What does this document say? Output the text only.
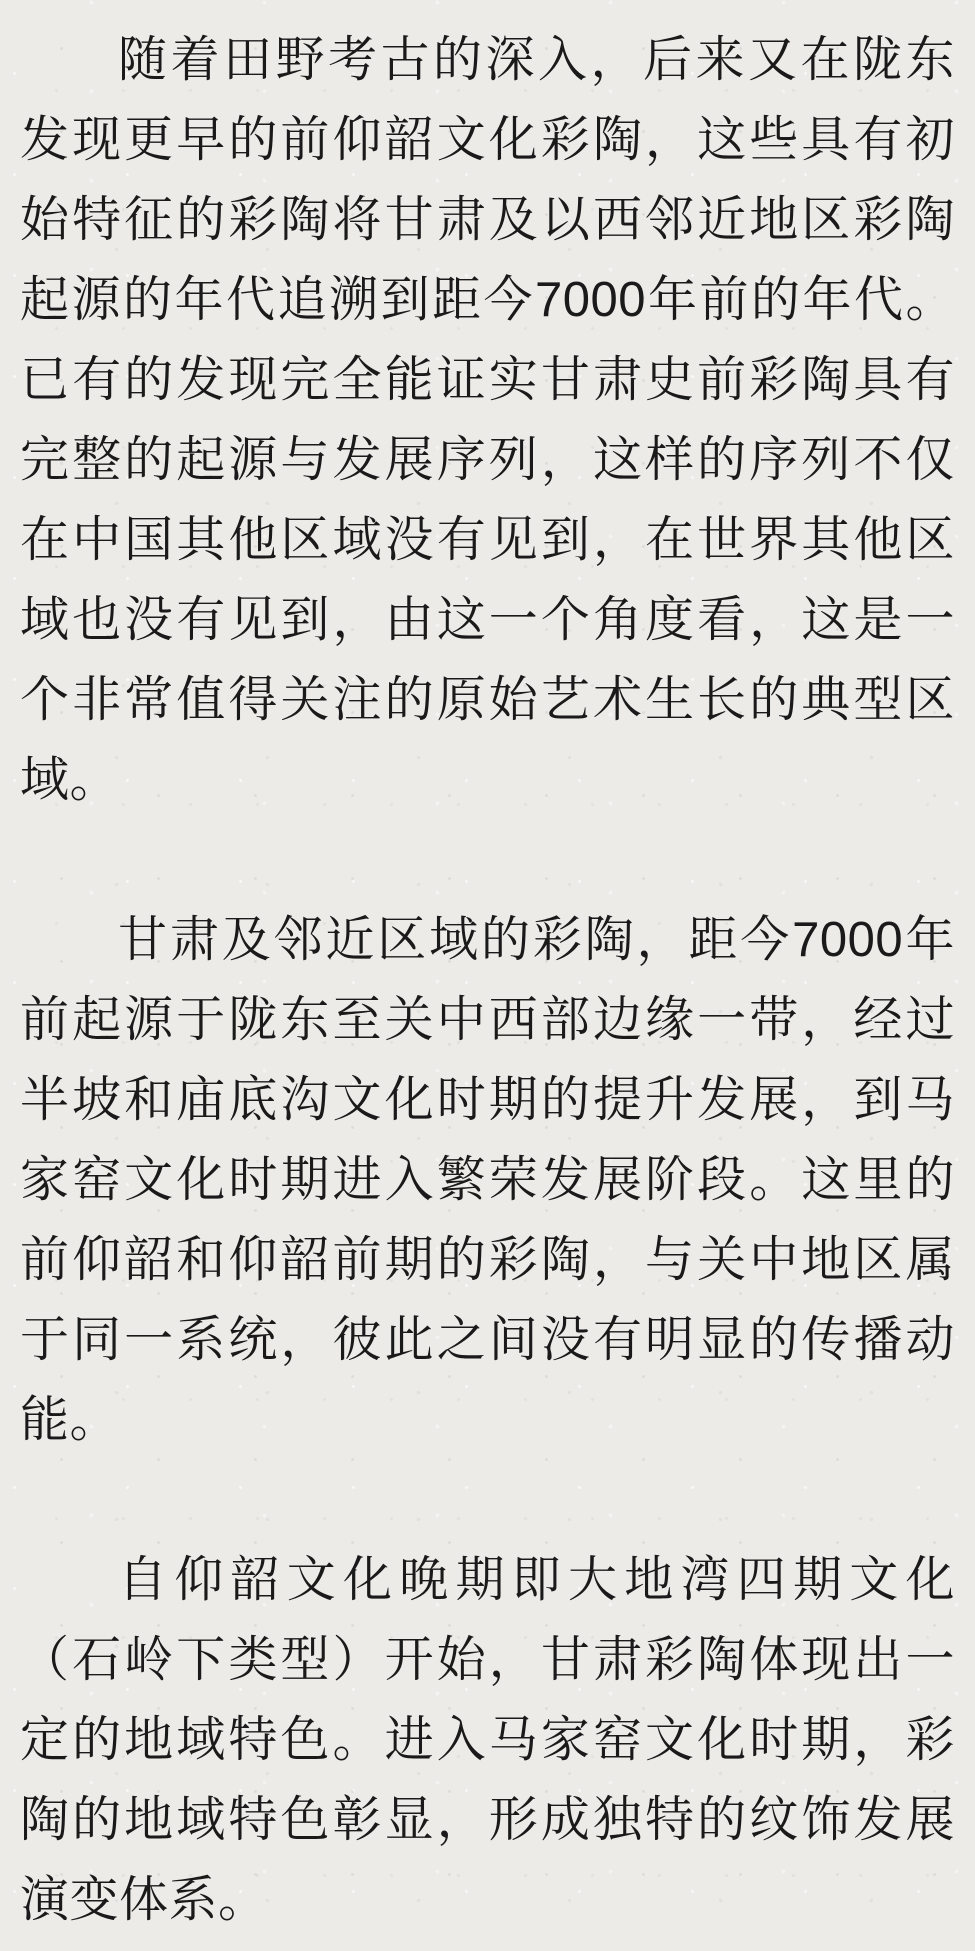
随着田野考古的深入，后来又在陇东发现更早的前仰韶文化彩陶，这些具有初始特征的彩陶将甘肃及以西邻近地区彩陶起源的年代追溯到距今7000年前的年代。已有的发现完全能证实甘肃史前彩陶具有完整的起源与发展序列，这样的序列不仅在中国其他区域没有见到，在世界其他区域也没有见到，由这一个角度看，这是一个非常值得关注的原始艺术生长的典型区域。

甘肃及邻近区域的彩陶，距今7000年前起源于陇东至关中西部边缘一带，经过半坡和庙底沟文化时期的提升发展，到马家窑文化时期进入繁荣发展阶段。这里的前仰韶和仰韶前期的彩陶，与关中地区属于同一系统，彼此之间没有明显的传播动能。

自仰韶文化晚期即大地湾四期文化（石岭下类型）开始，甘肃彩陶体现出一定的地域特色。进入马家窑文化时期，彩陶的地域特色彰显，形成独特的纹饰发展演变体系。
